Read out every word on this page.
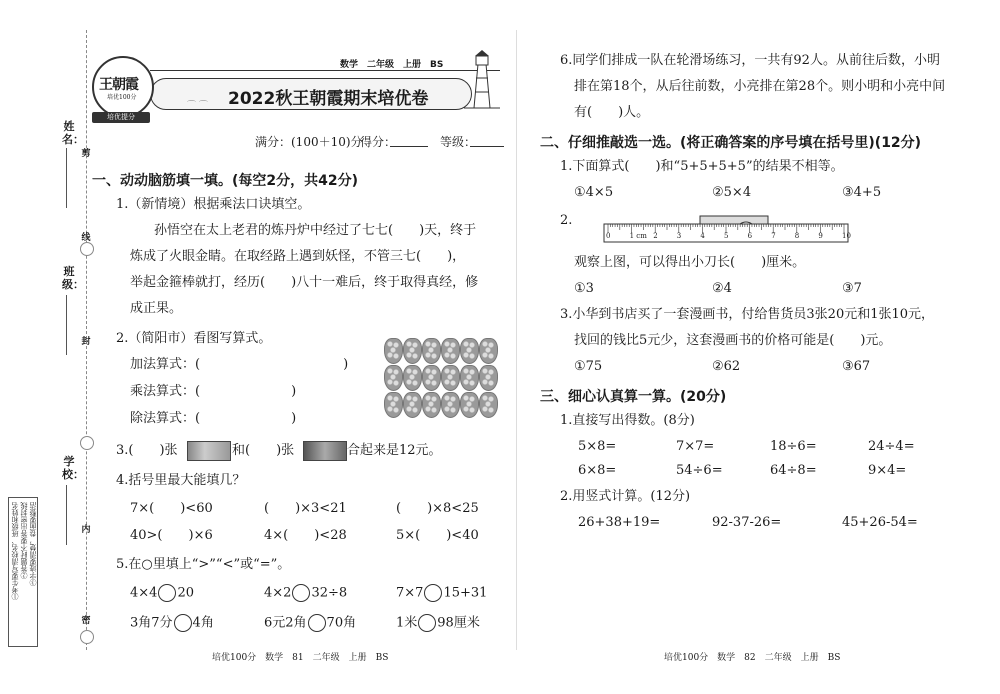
姓名：
班级：
学校：
剪
线
封
内
密
①考生要写清校名、班级和姓名 ②答题时不要答出密封线 ③字迹要清楚，卷面要整洁
数学　二年级　上册　BS
2022秋王朝霞期末培优卷
⌒ ⌒
王朝霞
培优100分
培优提分
满分：(100＋10)分
得分：	等级：
一、动动脑筋填一填。(每空2分，共42分)
1.（新情境）根据乘法口诀填空。
孙悟空在太上老君的炼丹炉中经过了七七(　　)天，终于
炼成了火眼金睛。在取经路上遇到妖怪，不管三七(　　)，
举起金箍棒就打，经历(　　)八十一难后，终于取得真经，修
成正果。
2.（简阳市）看图写算式。
加法算式：(　　　　　　　　　　　)
乘法算式：(　　　　　　　)
除法算式：(　　　　　　　)
3.(　　)张	和(　　)张	合起来是12元。
4.括号里最大能填几？
7×(　　)<60	(　　)×3<21	(　　)×8<25
40>(　　)×6	4×(　　)<28	5×(　　)<40
5.在○里填上“>”“<”或“=”。
4×4 20	4×2 32÷8	7×7 15+31
3角7分 4角	6元2角 70角	1米 98厘米
培优100分　数学　81　二年级　上册　BS
6.同学们排成一队在轮滑场练习，一共有92人。从前往后数，小明
排在第18个，从后往前数，小亮排在第28个。则小明和小亮中间
有(　　)人。
二、仔细推敲选一选。(将正确答案的序号填在括号里)(12分)
1.下面算式(　　)和“5+5+5+5”的结果不相等。
①4×5	②5×4	③4+5
2.
0	1 cm 2	3	4	5	6	7	8	9	10
观察上图，可以得出小刀长(　　)厘米。
①3	②4	③7
3.小华到书店买了一套漫画书，付给售货员3张20元和1张10元，
找回的钱比5元少，这套漫画书的价格可能是(　　)元。
①75	②62	③67
三、细心认真算一算。(20分)
1.直接写出得数。(8分)
5×8=	7×7=	18÷6=	24÷4=
6×8=	54÷6=	64÷8=	9×4=
2.用竖式计算。(12分)
26+38+19=	92-37-26=	45+26-54=
培优100分　数学　82　二年级　上册　BS
